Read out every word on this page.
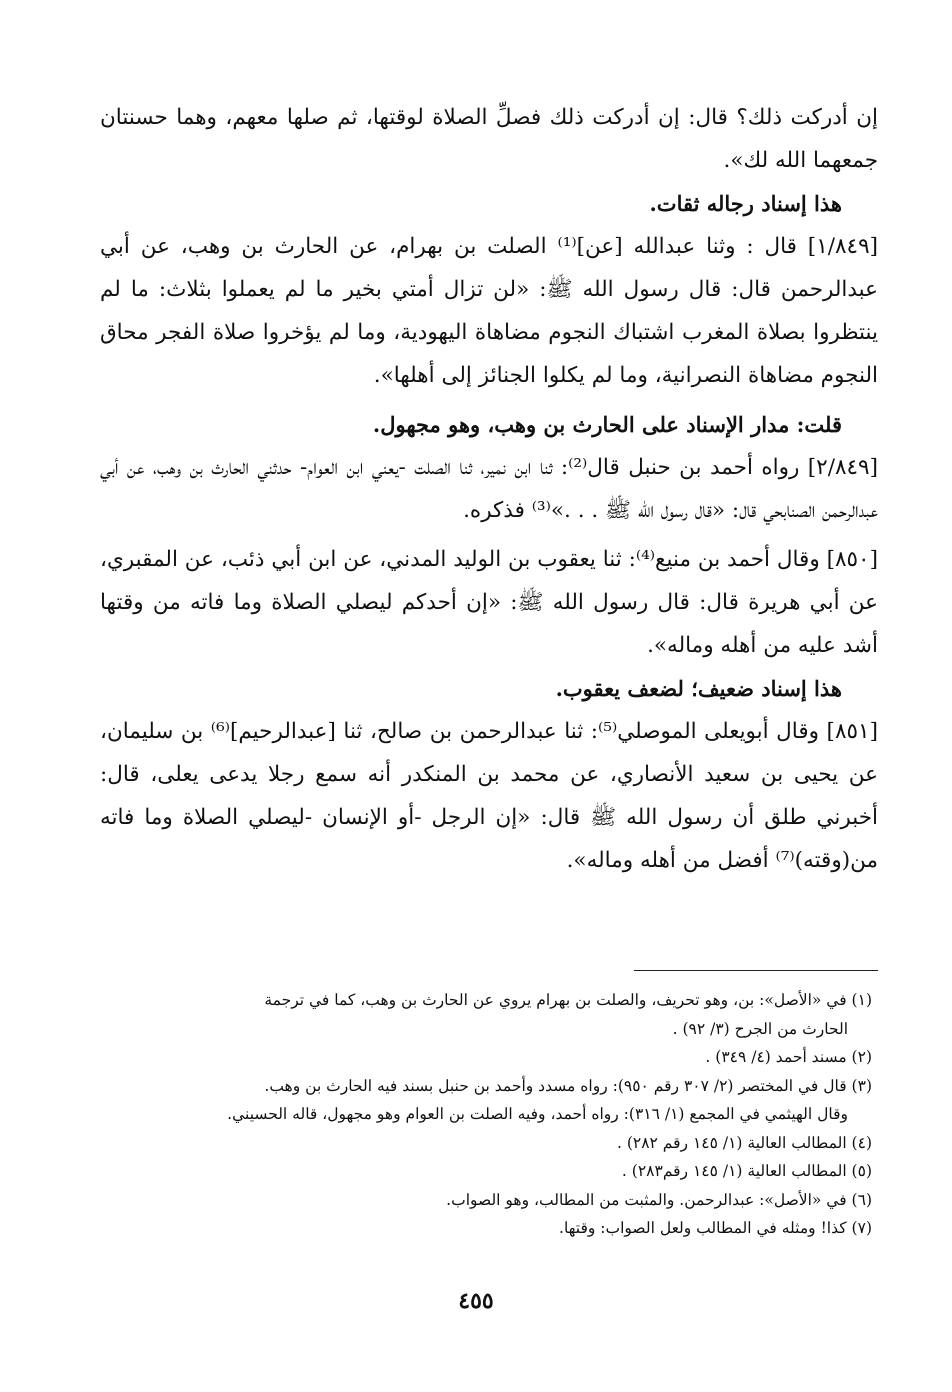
إن أدركت ذلك؟ قال: إن أدركت ذلك فصلِّ الصلاة لوقتها، ثم صلها معهم، وهما حسنتان جمعهما الله لك».

هذا إسناد رجاله ثقات.

[١/٨٤٩] قال : وثنا عبدالله [عن]⁽¹⁾ الصلت بن بهرام، عن الحارث بن وهب، عن أبي عبدالرحمن قال: قال رسول الله ﷺ: «لن تزال أمتي بخير ما لم يعملوا بثلاث: ما لم ينتظروا بصلاة المغرب اشتباك النجوم مضاهاة اليهودية، وما لم يؤخروا صلاة الفجر محاق النجوم مضاهاة النصرانية، وما لم يكلوا الجنائز إلى أهلها».

قلت: مدار الإسناد على الحارث بن وهب، وهو مجهول.

[٢/٨٤٩] رواه أحمد بن حنبل قال⁽²⁾: ثنا ابن نمير، ثنا الصلت -يعني ابن العوام- حدثني الحارث بن وهب، عن أبي عبدالرحمن الصنابحي قال: «قال رسول الله ﷺ . . .»⁽³⁾ فذكره.

[٨٥٠] وقال أحمد بن منيع⁽⁴⁾: ثنا يعقوب بن الوليد المدني، عن ابن أبي ذئب، عن المقبري، عن أبي هريرة قال: قال رسول الله ﷺ: «إن أحدكم ليصلي الصلاة وما فاته من وقتها أشد عليه من أهله وماله».

هذا إسناد ضعيف؛ لضعف يعقوب.

[٨٥١] وقال أبويعلى الموصلي⁽⁵⁾: ثنا عبدالرحمن بن صالح، ثنا [عبدالرحيم]⁽⁶⁾ بن سليمان، عن يحيى بن سعيد الأنصاري، عن محمد بن المنكدر أنه سمع رجلا يدعى يعلى، قال: أخبرني طلق أن رسول الله ﷺ قال: «إن الرجل -أو الإنسان -ليصلي الصلاة وما فاته من(وقته)⁽⁷⁾ أفضل من أهله وماله».

(١) في «الأصل»: بن، وهو تحريف، والصلت بن بهرام يروي عن الحارث بن وهب، كما في ترجمة

الحارث من الجرح (٣/ ٩٢) .

(٢) مسند أحمد (٤/ ٣٤٩) .

(٣) قال في المختصر (٢/ ٣٠٧ رقم ٩٥٠): رواه مسدد وأحمد بن حنبل بسند فيه الحارث بن وهب.

وقال الهيثمي في المجمع (١/ ٣١٦): رواه أحمد، وفيه الصلت بن العوام وهو مجهول، قاله الحسيني.

(٤) المطالب العالية (١/ ١٤٥ رقم ٢٨٢) .

(٥) المطالب العالية (١/ ١٤٥ رقم٢٨٣) .

(٦) في «الأصل»: عبدالرحمن. والمثبت من المطالب، وهو الصواب.

(٧) كذا! ومثله في المطالب ولعل الصواب: وقتها.

٤٥٥
